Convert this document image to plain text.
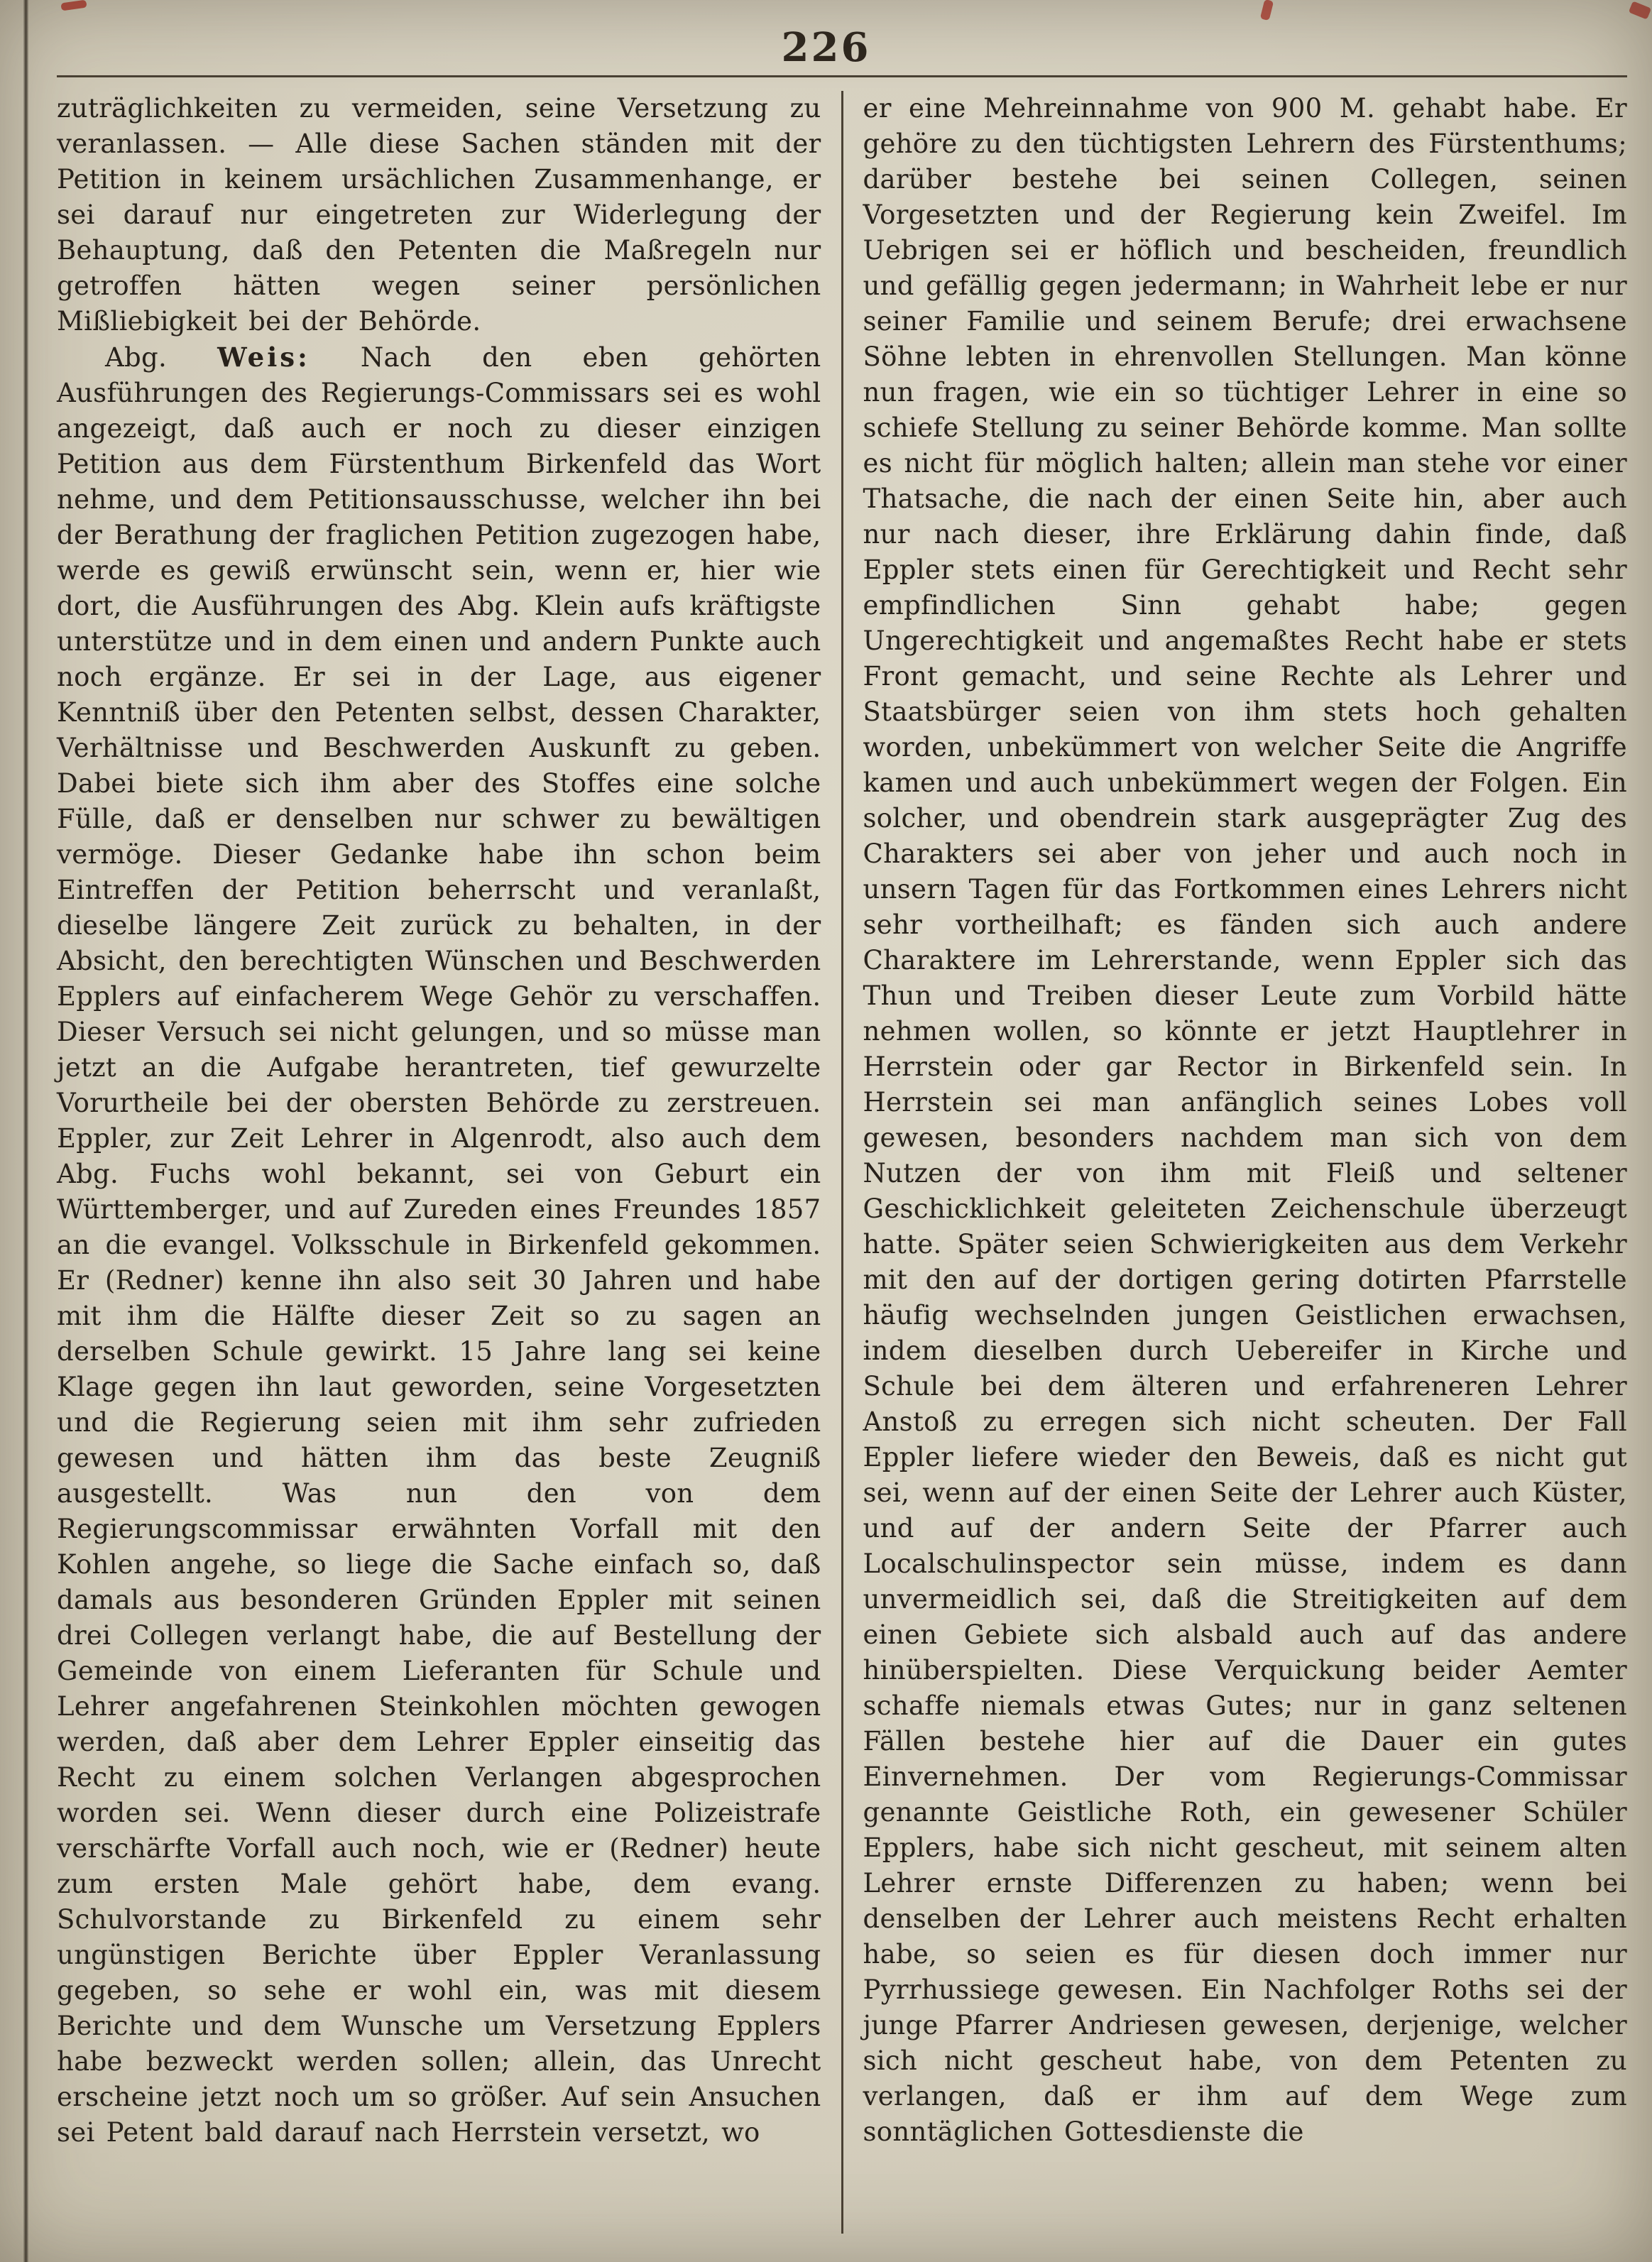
226

zuträglichkeiten zu vermeiden, seine Versetzung zu veranlassen. — Alle diese Sachen ständen mit der Petition in keinem ursächlichen Zusammenhange, er sei darauf nur eingetreten zur Widerlegung der Behauptung, daß den Petenten die Maßregeln nur getroffen hätten wegen seiner persönlichen Mißliebigkeit bei der Behörde.

Abg. Weis: Nach den eben gehörten Ausführungen des Regierungs-Commissars sei es wohl angezeigt, daß auch er noch zu dieser einzigen Petition aus dem Fürstenthum Birkenfeld das Wort nehme, und dem Petitionsausschusse, welcher ihn bei der Berathung der fraglichen Petition zugezogen habe, werde es gewiß erwünscht sein, wenn er, hier wie dort, die Ausführungen des Abg. Klein aufs kräftigste unterstütze und in dem einen und andern Punkte auch noch ergänze. Er sei in der Lage, aus eigener Kenntniß über den Petenten selbst, dessen Charakter, Verhältnisse und Beschwerden Auskunft zu geben. Dabei biete sich ihm aber des Stoffes eine solche Fülle, daß er denselben nur schwer zu bewältigen vermöge. Dieser Gedanke habe ihn schon beim Eintreffen der Petition beherrscht und veranlaßt, dieselbe längere Zeit zurück zu behalten, in der Absicht, den berechtigten Wünschen und Beschwerden Epplers auf einfacherem Wege Gehör zu verschaffen. Dieser Versuch sei nicht gelungen, und so müsse man jetzt an die Aufgabe herantreten, tief gewurzelte Vorurtheile bei der obersten Behörde zu zerstreuen. Eppler, zur Zeit Lehrer in Algenrodt, also auch dem Abg. Fuchs wohl bekannt, sei von Geburt ein Württemberger, und auf Zureden eines Freundes 1857 an die evangel. Volksschule in Birkenfeld gekommen. Er (Redner) kenne ihn also seit 30 Jahren und habe mit ihm die Hälfte dieser Zeit so zu sagen an derselben Schule gewirkt. 15 Jahre lang sei keine Klage gegen ihn laut geworden, seine Vorgesetzten und die Regierung seien mit ihm sehr zufrieden gewesen und hätten ihm das beste Zeugniß ausgestellt. Was nun den von dem Regierungscommissar erwähnten Vorfall mit den Kohlen angehe, so liege die Sache einfach so, daß damals aus besonderen Gründen Eppler mit seinen drei Collegen verlangt habe, die auf Bestellung der Gemeinde von einem Lieferanten für Schule und Lehrer angefahrenen Steinkohlen möchten gewogen werden, daß aber dem Lehrer Eppler einseitig das Recht zu einem solchen Verlangen abgesprochen worden sei. Wenn dieser durch eine Polizeistrafe verschärfte Vorfall auch noch, wie er (Redner) heute zum ersten Male gehört habe, dem evang. Schulvorstande zu Birkenfeld zu einem sehr ungünstigen Berichte über Eppler Veranlassung gegeben, so sehe er wohl ein, was mit diesem Berichte und dem Wunsche um Versetzung Epplers habe bezweckt werden sollen; allein, das Unrecht erscheine jetzt noch um so größer. Auf sein Ansuchen sei Petent bald darauf nach Herrstein versetzt, wo

er eine Mehreinnahme von 900 M. gehabt habe. Er gehöre zu den tüchtigsten Lehrern des Fürstenthums; darüber bestehe bei seinen Collegen, seinen Vorgesetzten und der Regierung kein Zweifel. Im Uebrigen sei er höflich und bescheiden, freundlich und gefällig gegen jedermann; in Wahrheit lebe er nur seiner Familie und seinem Berufe; drei erwachsene Söhne lebten in ehrenvollen Stellungen. Man könne nun fragen, wie ein so tüchtiger Lehrer in eine so schiefe Stellung zu seiner Behörde komme. Man sollte es nicht für möglich halten; allein man stehe vor einer Thatsache, die nach der einen Seite hin, aber auch nur nach dieser, ihre Erklärung dahin finde, daß Eppler stets einen für Gerechtigkeit und Recht sehr empfindlichen Sinn gehabt habe; gegen Ungerechtigkeit und angemaßtes Recht habe er stets Front gemacht, und seine Rechte als Lehrer und Staatsbürger seien von ihm stets hoch gehalten worden, unbekümmert von welcher Seite die Angriffe kamen und auch unbekümmert wegen der Folgen. Ein solcher, und obendrein stark ausgeprägter Zug des Charakters sei aber von jeher und auch noch in unsern Tagen für das Fortkommen eines Lehrers nicht sehr vortheilhaft; es fänden sich auch andere Charaktere im Lehrerstande, wenn Eppler sich das Thun und Treiben dieser Leute zum Vorbild hätte nehmen wollen, so könnte er jetzt Hauptlehrer in Herrstein oder gar Rector in Birkenfeld sein. In Herrstein sei man anfänglich seines Lobes voll gewesen, besonders nachdem man sich von dem Nutzen der von ihm mit Fleiß und seltener Geschicklichkeit geleiteten Zeichenschule überzeugt hatte. Später seien Schwierigkeiten aus dem Verkehr mit den auf der dortigen gering dotirten Pfarrstelle häufig wechselnden jungen Geistlichen erwachsen, indem dieselben durch Uebereifer in Kirche und Schule bei dem älteren und erfahreneren Lehrer Anstoß zu erregen sich nicht scheuten. Der Fall Eppler liefere wieder den Beweis, daß es nicht gut sei, wenn auf der einen Seite der Lehrer auch Küster, und auf der andern Seite der Pfarrer auch Localschulinspector sein müsse, indem es dann unvermeidlich sei, daß die Streitigkeiten auf dem einen Gebiete sich alsbald auch auf das andere hinüberspielten. Diese Verquickung beider Aemter schaffe niemals etwas Gutes; nur in ganz seltenen Fällen bestehe hier auf die Dauer ein gutes Einvernehmen. Der vom Regierungs-Commissar genannte Geistliche Roth, ein gewesener Schüler Epplers, habe sich nicht gescheut, mit seinem alten Lehrer ernste Differenzen zu haben; wenn bei denselben der Lehrer auch meistens Recht erhalten habe, so seien es für diesen doch immer nur Pyrrhussiege gewesen. Ein Nachfolger Roths sei der junge Pfarrer Andriesen gewesen, derjenige, welcher sich nicht gescheut habe, von dem Petenten zu verlangen, daß er ihm auf dem Wege zum sonntäglichen Gottesdienste die
